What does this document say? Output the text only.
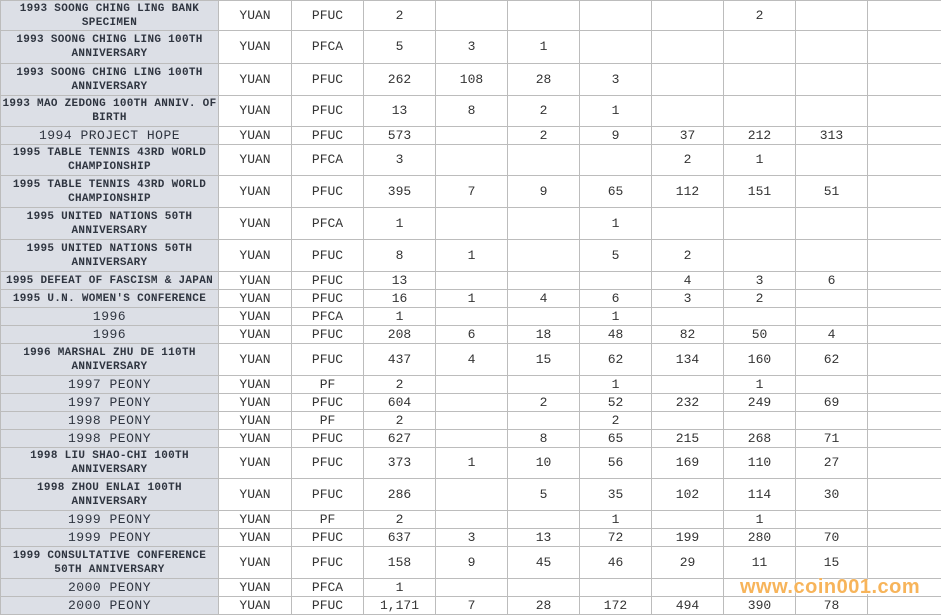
1993 SOONG CHING LING BANK SPECIMEN	YUAN	PFUC	2					2		
1993 SOONG CHING LING 100TH ANNIVERSARY	YUAN	PFCA	5	3	1					
1993 SOONG CHING LING 100TH ANNIVERSARY	YUAN	PFUC	262	108	28	3				
1993 MAO ZEDONG 100TH ANNIV. OF BIRTH	YUAN	PFUC	13	8	2	1				
1994 PROJECT HOPE	YUAN	PFUC	573		2	9	37	212	313	
1995 TABLE TENNIS 43RD WORLD CHAMPIONSHIP	YUAN	PFCA	3				2	1		
1995 TABLE TENNIS 43RD WORLD CHAMPIONSHIP	YUAN	PFUC	395	7	9	65	112	151	51	
1995 UNITED NATIONS 50TH ANNIVERSARY	YUAN	PFCA	1			1				
1995 UNITED NATIONS 50TH ANNIVERSARY	YUAN	PFUC	8	1		5	2			
1995 DEFEAT OF FASCISM & JAPAN	YUAN	PFUC	13				4	3	6	
1995 U.N. WOMEN'S CONFERENCE	YUAN	PFUC	16	1	4	6	3	2		
1996	YUAN	PFCA	1			1				
1996	YUAN	PFUC	208	6	18	48	82	50	4	
1996 MARSHAL ZHU DE 110TH ANNIVERSARY	YUAN	PFUC	437	4	15	62	134	160	62	
1997 PEONY	YUAN	PF	2			1		1		
1997 PEONY	YUAN	PFUC	604		2	52	232	249	69	
1998 PEONY	YUAN	PF	2			2				
1998 PEONY	YUAN	PFUC	627		8	65	215	268	71	
1998 LIU SHAO-CHI 100TH ANNIVERSARY	YUAN	PFUC	373	1	10	56	169	110	27	
1998 ZHOU ENLAI 100TH ANNIVERSARY	YUAN	PFUC	286		5	35	102	114	30	
1999 PEONY	YUAN	PF	2			1		1		
1999 PEONY	YUAN	PFUC	637	3	13	72	199	280	70	
1999 CONSULTATIVE CONFERENCE 50TH ANNIVERSARY	YUAN	PFUC	158	9	45	46	29	11	15	
2000 PEONY	YUAN	PFCA	1							
2000 PEONY	YUAN	PFUC	1,171	7	28	172	494	390	78	
www.coin001.com
